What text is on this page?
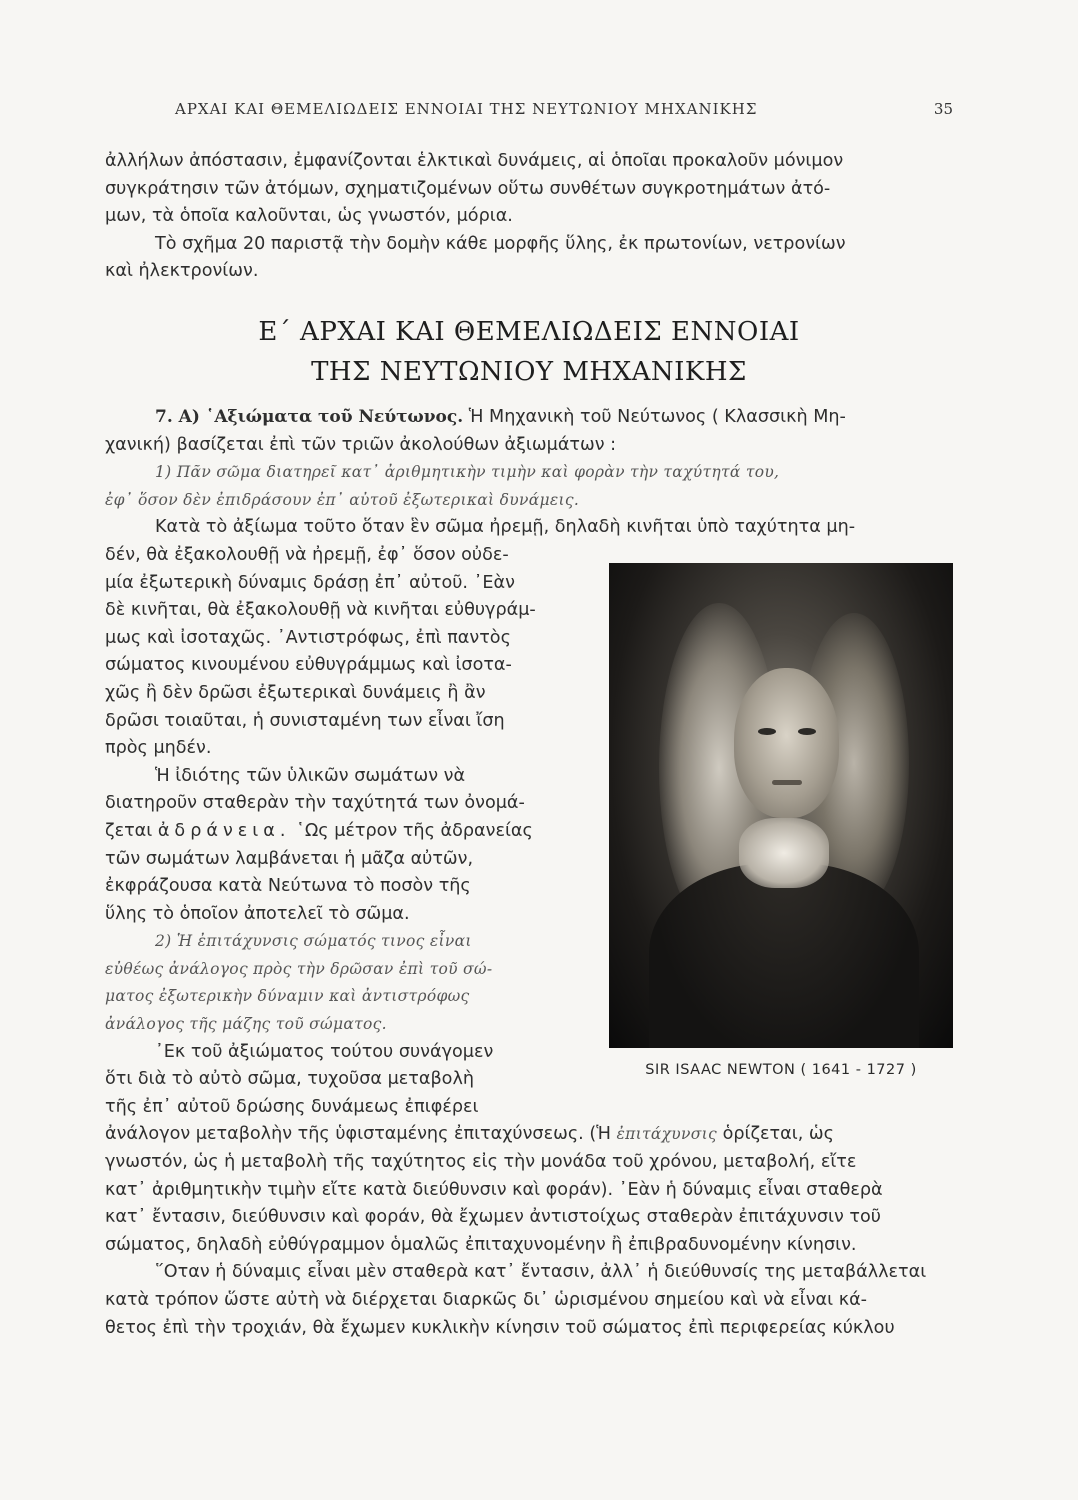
ΑΡΧΑΙ ΚΑΙ ΘΕΜΕΛΙΩΔΕΙΣ ΕΝΝΟΙΑΙ ΤΗΣ ΝΕΥΤΩΝΙΟΥ ΜΗΧΑΝΙΚΗΣ	35

ἀλλήλων ἀπόστασιν, ἐμφανίζονται ἑλκτικαὶ δυνάμεις, αἱ ὁποῖαι προκαλοῦν μόνιμον
συγκράτησιν τῶν ἀτόμων, σχηματιζομένων οὕτω συνθέτων συγκροτημάτων ἀτό-
μων, τὰ ὁποῖα καλοῦνται, ὡς γνωστόν, μόρια.

Τὸ σχῆμα 20 παριστᾷ τὴν δομὴν κάθε μορφῆς ὕλης, ἐκ πρωτονίων, νετρονίων
καὶ ἠλεκτρονίων.

Ε΄ ΑΡΧΑΙ ΚΑΙ ΘΕΜΕΛΙΩΔΕΙΣ ΕΝΝΟΙΑΙ
ΤΗΣ ΝΕΥΤΩΝΙΟΥ ΜΗΧΑΝΙΚΗΣ

7. Α) ῾Αξιώματα τοῦ Νεύτωνος. Ἡ Μηχανικὴ τοῦ Νεύτωνος ( Κλασσικὴ Μη-
χανική) βασίζεται ἐπὶ τῶν τριῶν ἀκολούθων ἀξιωμάτων :

1) Πᾶν σῶμα διατηρεῖ κατ᾽ ἀριθμητικὴν τιμὴν καὶ φορὰν τὴν ταχύτητά του,
ἐφ᾽ ὅσον δὲν ἐπιδράσουν ἐπ᾽ αὐτοῦ ἐξωτερικαὶ δυνάμεις.

Κατὰ τὸ ἀξίωμα τοῦτο ὅταν ἓν σῶμα ἠρεμῇ, δηλαδὴ κινῆται ὑπὸ ταχύτητα μη-

δέν, θὰ ἐξακολουθῇ νὰ ἠρεμῇ, ἐφ᾽ ὅσον οὐδε-
μία ἐξωτερικὴ δύναμις δράσῃ ἐπ᾽ αὐτοῦ. ᾽Εὰν
δὲ κινῆται, θὰ ἐξακολουθῇ νὰ κινῆται εὐθυγράμ-
μως καὶ ἰσοταχῶς. ᾽Αντιστρόφως, ἐπὶ παντὸς
σώματος κινουμένου εὐθυγράμμως καὶ ἰσοτα-
χῶς ἢ δὲν δρῶσι ἐξωτερικαὶ δυνάμεις ἢ ἂν
δρῶσι τοιαῦται, ἡ συνισταμένη των εἶναι ἴση
πρὸς μηδέν.

Ἡ ἰδιότης τῶν ὑλικῶν σωμάτων νὰ
διατηροῦν σταθερὰν τὴν ταχύτητά των ὀνομά-
ζεται ἀδράνεια. ῾Ως μέτρον τῆς ἀδρανείας
τῶν σωμάτων λαμβάνεται ἡ μᾶζα αὐτῶν,
ἐκφράζουσα κατὰ Νεύτωνα τὸ ποσὸν τῆς
ὕλης τὸ ὁποῖον ἀποτελεῖ τὸ σῶμα.

2) Ἡ ἐπιτάχυνσις σώματός τινος εἶναι
εὐθέως ἀνάλογος πρὸς τὴν δρῶσαν ἐπὶ τοῦ σώ-
ματος ἐξωτερικὴν δύναμιν καὶ ἀντιστρόφως
ἀνάλογος τῆς μάζης τοῦ σώματος.

᾽Εκ τοῦ ἀξιώματος τούτου συνάγομεν
ὅτι διὰ τὸ αὐτὸ σῶμα, τυχοῦσα μεταβολὴ
τῆς ἐπ᾽ αὐτοῦ δρώσης δυνάμεως ἐπιφέρει

ἀνάλογον μεταβολὴν τῆς ὑφισταμένης ἐπιταχύνσεως. (Ἡ ἐπιτάχυνσις ὁρίζεται, ὡς
γνωστόν, ὡς ἡ μεταβολὴ τῆς ταχύτητος εἰς τὴν μονάδα τοῦ χρόνου, μεταβολή, εἴτε
κατ᾽ ἀριθμητικὴν τιμὴν εἴτε κατὰ διεύθυνσιν καὶ φοράν). ᾽Εὰν ἡ δύναμις εἶναι σταθερὰ
κατ᾽ ἔντασιν, διεύθυνσιν καὶ φοράν, θὰ ἔχωμεν ἀντιστοίχως σταθερὰν ἐπιτάχυνσιν τοῦ
σώματος, δηλαδὴ εὐθύγραμμον ὁμαλῶς ἐπιταχυνομένην ἢ ἐπιβραδυνομένην κίνησιν.

῞Οταν ἡ δύναμις εἶναι μὲν σταθερὰ κατ᾽ ἔντασιν, ἀλλ᾽ ἡ διεύθυνσίς της μεταβάλλεται
κατὰ τρόπον ὥστε αὐτὴ νὰ διέρχεται διαρκῶς δι᾽ ὡρισμένου σημείου καὶ νὰ εἶναι κά-
θετος ἐπὶ τὴν τροχιάν, θὰ ἔχωμεν κυκλικὴν κίνησιν τοῦ σώματος ἐπὶ περιφερείας κύκλου

SIR ISAAC NEWTON ( 1641 - 1727 )
